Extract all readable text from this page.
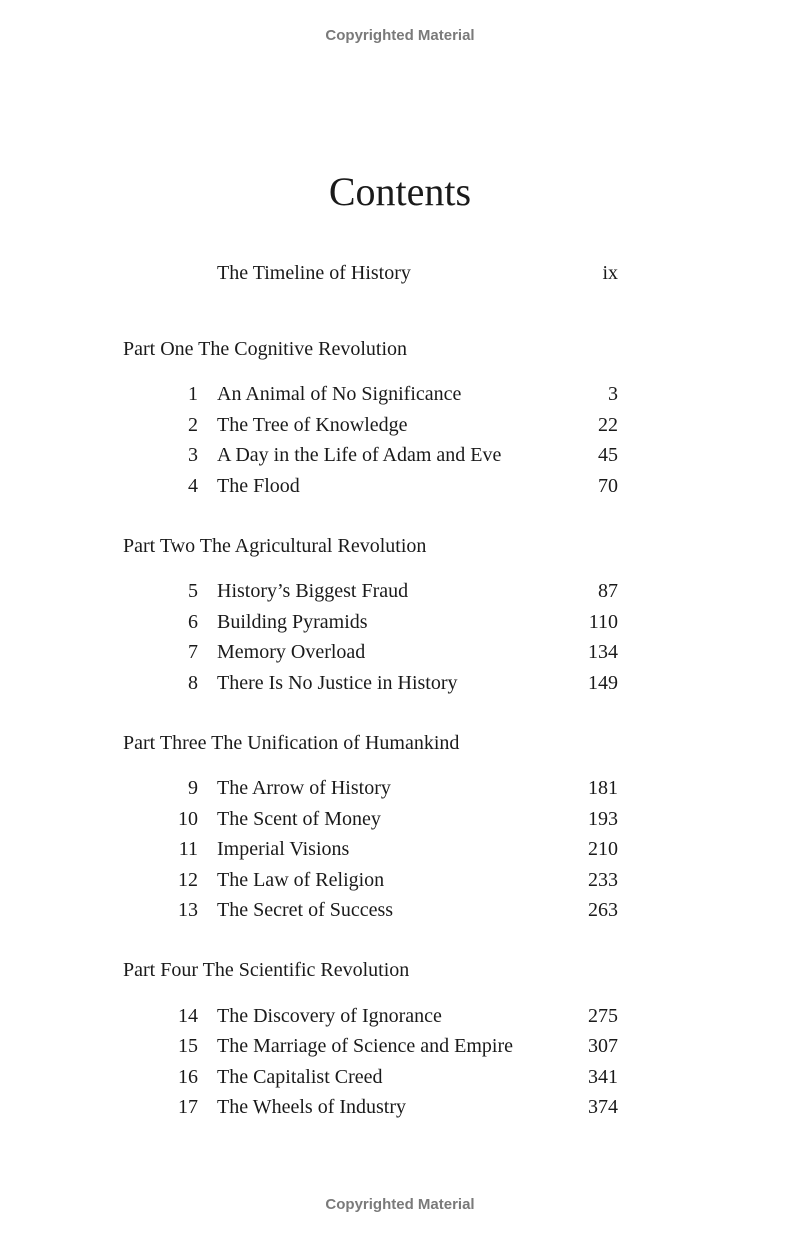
Copyrighted Material
Contents
The Timeline of History	ix
Part One The Cognitive Revolution
1 An Animal of No Significance	3
2 The Tree of Knowledge	22
3 A Day in the Life of Adam and Eve	45
4 The Flood	70
Part Two The Agricultural Revolution
5 History’s Biggest Fraud	87
6 Building Pyramids	110
7 Memory Overload	134
8 There Is No Justice in History	149
Part Three The Unification of Humankind
9 The Arrow of History	181
10 The Scent of Money	193
11 Imperial Visions	210
12 The Law of Religion	233
13 The Secret of Success	263
Part Four The Scientific Revolution
14 The Discovery of Ignorance	275
15 The Marriage of Science and Empire	307
16 The Capitalist Creed	341
17 The Wheels of Industry	374
Copyrighted Material
